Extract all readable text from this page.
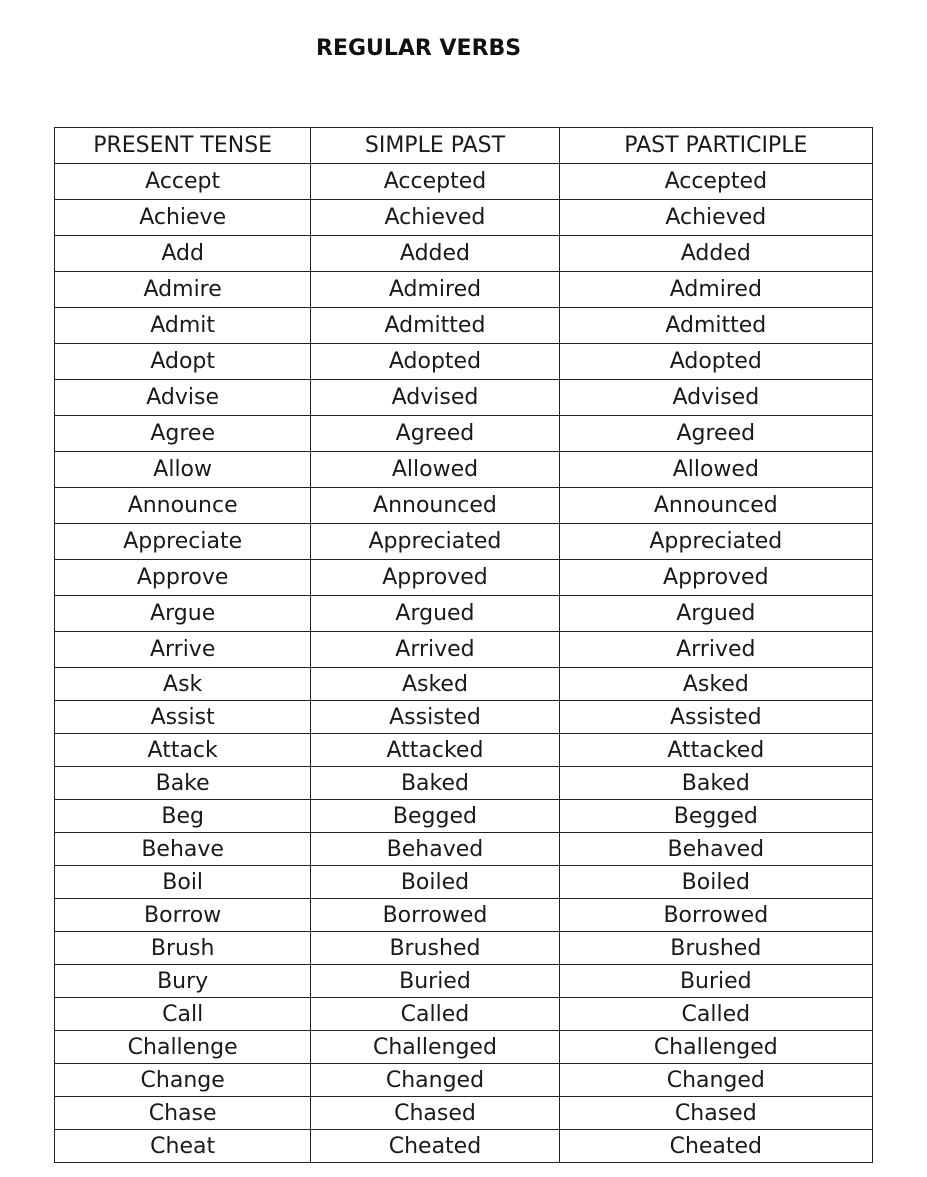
REGULAR VERBS
PRESENT TENSE	SIMPLE PAST	PAST PARTICIPLE
Accept	Accepted	Accepted
Achieve	Achieved	Achieved
Add	Added	Added
Admire	Admired	Admired
Admit	Admitted	Admitted
Adopt	Adopted	Adopted
Advise	Advised	Advised
Agree	Agreed	Agreed
Allow	Allowed	Allowed
Announce	Announced	Announced
Appreciate	Appreciated	Appreciated
Approve	Approved	Approved
Argue	Argued	Argued
Arrive	Arrived	Arrived
Ask	Asked	Asked
Assist	Assisted	Assisted
Attack	Attacked	Attacked
Bake	Baked	Baked
Beg	Begged	Begged
Behave	Behaved	Behaved
Boil	Boiled	Boiled
Borrow	Borrowed	Borrowed
Brush	Brushed	Brushed
Bury	Buried	Buried
Call	Called	Called
Challenge	Challenged	Challenged
Change	Changed	Changed
Chase	Chased	Chased
Cheat	Cheated	Cheated
